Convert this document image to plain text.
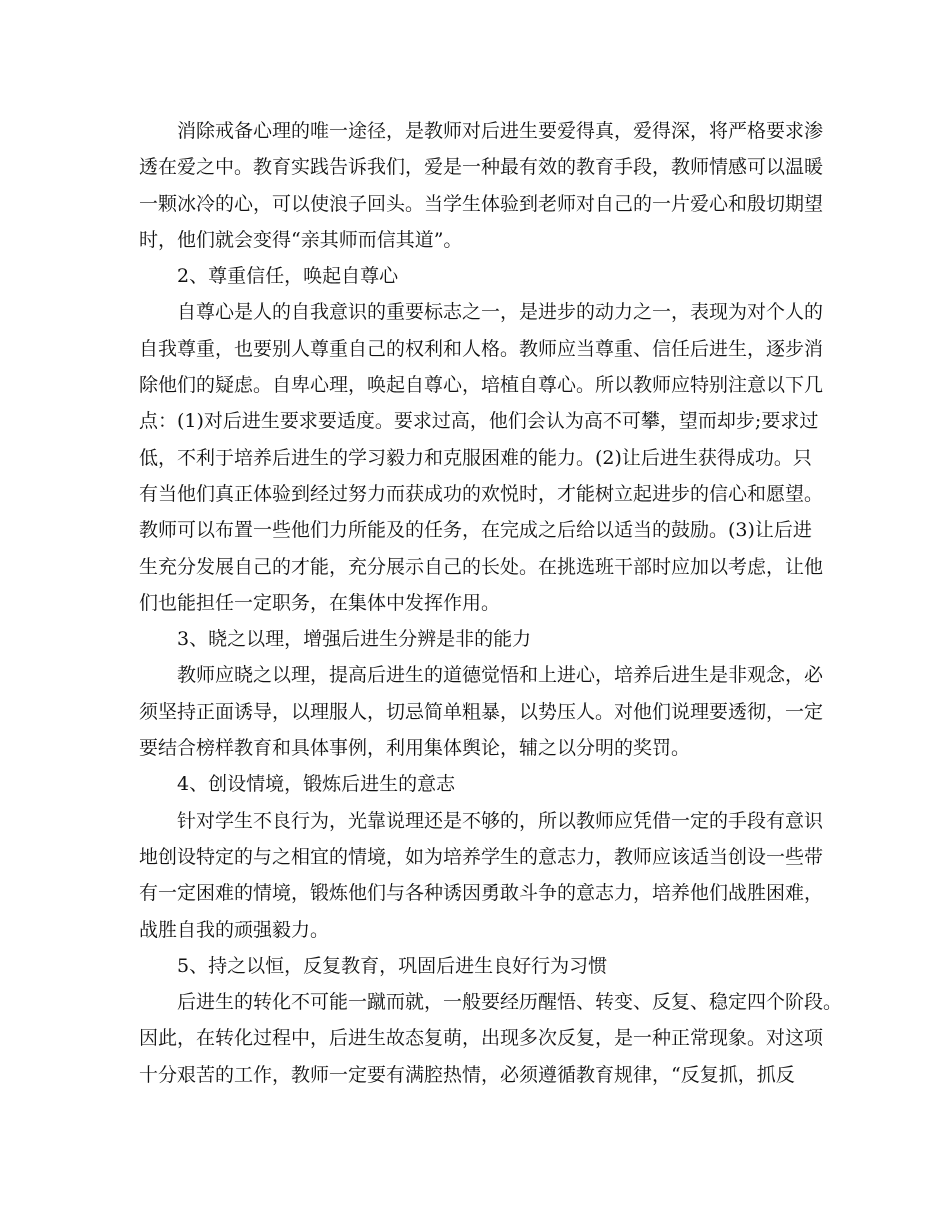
消除戒备心理的唯一途径，是教师对后进生要爱得真，爱得深，将严格要求渗
透在爱之中。教育实践告诉我们，爱是一种最有效的教育手段，教师情感可以温暖
一颗冰冷的心，可以使浪子回头。当学生体验到老师对自己的一片爱心和殷切期望
时，他们就会变得“亲其师而信其道”。
2、尊重信任，唤起自尊心
自尊心是人的自我意识的重要标志之一，是进步的动力之一，表现为对个人的
自我尊重，也要别人尊重自己的权利和人格。教师应当尊重、信任后进生，逐步消
除他们的疑虑。自卑心理，唤起自尊心，培植自尊心。所以教师应特别注意以下几
点：(1)对后进生要求要适度。要求过高，他们会认为高不可攀，望而却步;要求过
低，不利于培养后进生的学习毅力和克服困难的能力。(2)让后进生获得成功。只
有当他们真正体验到经过努力而获成功的欢悦时，才能树立起进步的信心和愿望。
教师可以布置一些他们力所能及的任务，在完成之后给以适当的鼓励。(3)让后进
生充分发展自己的才能，充分展示自己的长处。在挑选班干部时应加以考虑，让他
们也能担任一定职务，在集体中发挥作用。
3、晓之以理，增强后进生分辨是非的能力
教师应晓之以理，提高后进生的道德觉悟和上进心，培养后进生是非观念，必
须坚持正面诱导，以理服人，切忌简单粗暴，以势压人。对他们说理要透彻，一定
要结合榜样教育和具体事例，利用集体舆论，辅之以分明的奖罚。
4、创设情境，锻炼后进生的意志
针对学生不良行为，光靠说理还是不够的，所以教师应凭借一定的手段有意识
地创设特定的与之相宜的情境，如为培养学生的意志力，教师应该适当创设一些带
有一定困难的情境，锻炼他们与各种诱因勇敢斗争的意志力，培养他们战胜困难，
战胜自我的顽强毅力。
5、持之以恒，反复教育，巩固后进生良好行为习惯
后进生的转化不可能一蹴而就，一般要经历醒悟、转变、反复、稳定四个阶段。
因此，在转化过程中，后进生故态复萌，出现多次反复，是一种正常现象。对这项
十分艰苦的工作，教师一定要有满腔热情，必须遵循教育规律，“反复抓，抓反
